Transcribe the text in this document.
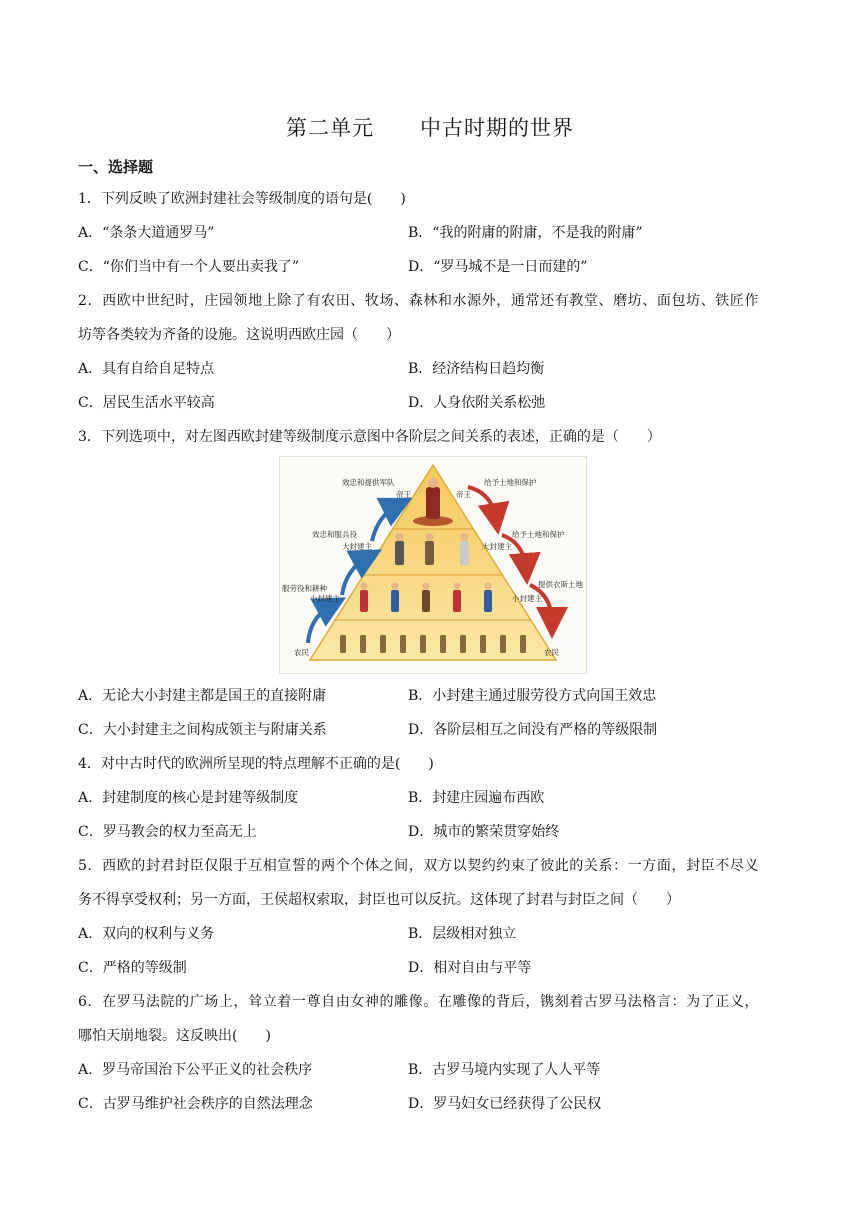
第二单元      中古时期的世界
一、选择题
1．下列反映了欧洲封建社会等级制度的语句是(　　)
A．“条条大道通罗马”	B．“我的附庸的附庸，不是我的附庸”
C．“你们当中有一个人要出卖我了”	D．“罗马城不是一日而建的”
2．西欧中世纪时，庄园领地上除了有农田、牧场、森林和水源外，通常还有教堂、磨坊、面包坊、铁匠作
坊等各类较为齐备的设施。这说明西欧庄园（　　）
A．具有自给自足特点	B．经济结构日趋均衡
C．居民生活水平较高	D．人身依附关系松弛
3．下列选项中，对左图西欧封建等级制度示意图中各阶层之间关系的表述，正确的是（　　）
帝王	帝王
大封建主	大封建主
小封建主	小封建主
农民	农民
效忠和提供军队
效忠和服兵役
服劳役和耕种
给予土地和保护
给予土地和保护
提供衣斯土地
A．无论大小封建主都是国王的直接附庸	B．小封建主通过服劳役方式向国王效忠
C．大小封建主之间构成领主与附庸关系	D．各阶层相互之间没有严格的等级限制
4．对中古时代的欧洲所呈现的特点理解不正确的是(　　)
A．封建制度的核心是封建等级制度	B．封建庄园遍布西欧
C．罗马教会的权力至高无上	D．城市的繁荣贯穿始终
5．西欧的封君封臣仅限于互相宣誓的两个个体之间，双方以契约约束了彼此的关系：一方面，封臣不尽义
务不得享受权利；另一方面，王侯超权索取，封臣也可以反抗。这体现了封君与封臣之间（　　）
A．双向的权利与义务	B．层级相对独立
C．严格的等级制	D．相对自由与平等
6．在罗马法院的广场上，耸立着一尊自由女神的雕像。在雕像的背后，镌刻着古罗马法格言：为了正义，
哪怕天崩地裂。这反映出(　　)
A．罗马帝国治下公平正义的社会秩序	B．古罗马境内实现了人人平等
C．古罗马维护社会秩序的自然法理念	D．罗马妇女已经获得了公民权
